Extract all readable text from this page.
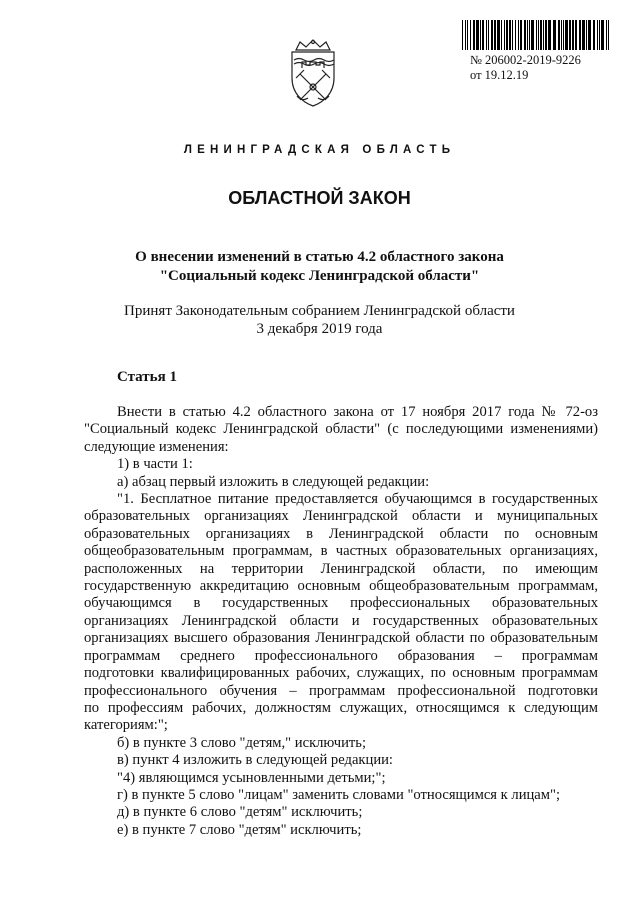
№ 206002-2019-9226
от 19.12.19
ЛЕНИНГРАДСКАЯ ОБЛАСТЬ
ОБЛАСТНОЙ ЗАКОН
О внесении изменений в статью 4.2 областного закона
"Социальный кодекс Ленинградской области"
Принят Законодательным собранием Ленинградской области
3 декабря 2019 года
Статья 1

Внести в статью 4.2 областного закона от 17 ноября 2017 года № 72-оз

"Социальный кодекс Ленинградской области" (с последующими изменениями)

следующие изменения:

1) в части 1:

а) абзац первый изложить в следующей редакции:

"1. Бесплатное питание предоставляется обучающимся в государственных

образовательных организациях Ленинградской области и муниципальных

образовательных организациях в Ленинградской области по основным

общеобразовательным программам, в частных образовательных организациях,

расположенных на территории Ленинградской области, по имеющим

государственную аккредитацию основным общеобразовательным программам,

обучающимся в государственных профессиональных образовательных

организациях Ленинградской области и государственных образовательных

организациях высшего образования Ленинградской области по образовательным

программам среднего профессионального образования – программам

подготовки квалифицированных рабочих, служащих, по основным программам

профессионального обучения – программам профессиональной подготовки

по профессиям рабочих, должностям служащих, относящимся к следующим

категориям:";

б) в пункте 3 слово "детям," исключить;

в) пункт 4 изложить в следующей редакции:

"4) являющимся усыновленными детьми;";

г) в пункте 5 слово "лицам" заменить словами "относящимся к лицам";

д) в пункте 6 слово "детям" исключить;

е) в пункте 7 слово "детям" исключить;
